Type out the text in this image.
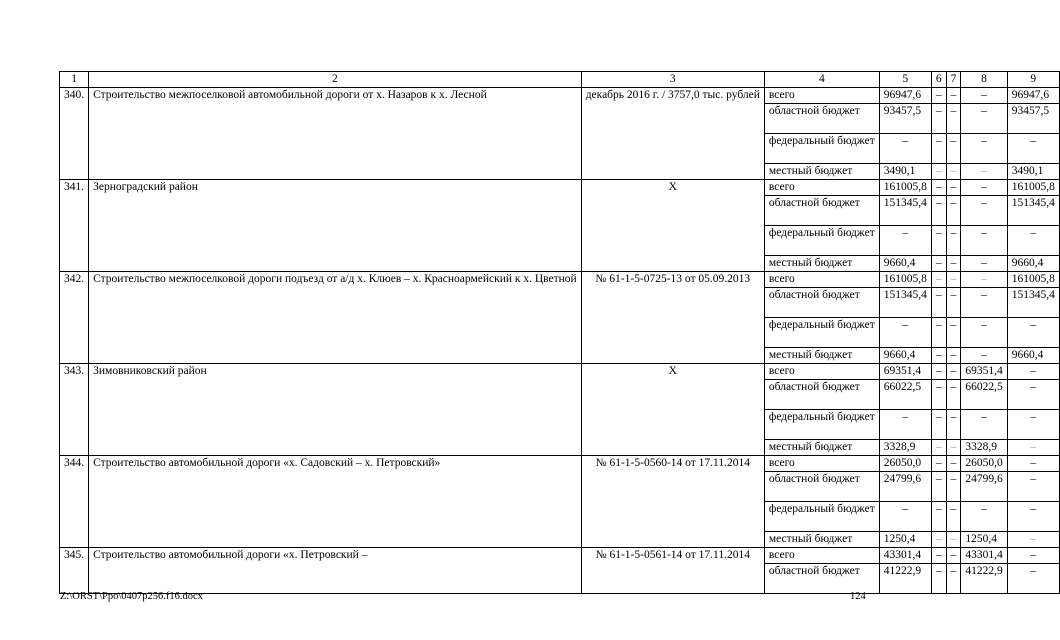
1	2	3	4	5	6	7	8	9
340.	Строительство межпоселковой автомобильной дороги от х. Назаров к х. Лесной	декабрь 2016 г. / 3757,0 тыс. рублей	всего	96947,6	–	–	–	96947,6
			областной бюджет	93457,5	–	–	–	93457,5
			федеральный бюджет	–	–	–	–	–
			местный бюджет	3490,1	–	–	–	3490,1
341.	Зерноградский район	Х	всего	161005,8	–	–	–	161005,8
			областной бюджет	151345,4	–	–	–	151345,4
			федеральный бюджет	–	–	–	–	–
			местный бюджет	9660,4	–	–	–	9660,4
342.	Строительство межпоселковой дороги подъезд от а/д х. Клюев – х. Красноармейский к х. Цветной	№ 61-1-5-0725-13 от 05.09.2013	всего	161005,8	–	–	–	161005,8
			областной бюджет	151345,4	–	–	–	151345,4
			федеральный бюджет	–	–	–	–	–
			местный бюджет	9660,4	–	–	–	9660,4
343.	Зимовниковский район	Х	всего	69351,4	–	–	69351,4	–
			областной бюджет	66022,5	–	–	66022,5	–
			федеральный бюджет	–	–	–	–	–
			местный бюджет	3328,9	–	–	3328,9	–
344.	Строительство автомобильной дороги «х. Садовский – х. Петровский»	№ 61-1-5-0560-14 от 17.11.2014	всего	26050,0	–	–	26050,0	–
			областной бюджет	24799,6	–	–	24799,6	–
			федеральный бюджет	–	–	–	–	–
			местный бюджет	1250,4	–	–	1250,4	–
345.	Строительство автомобильной дороги «х. Петровский –	№ 61-1-5-0561-14 от 17.11.2014	всего	43301,4	–	–	43301,4	–
			областной бюджет	41222,9	–	–	41222,9	–
Z:\ORST\Ppo\0407p256.f16.docx	124
